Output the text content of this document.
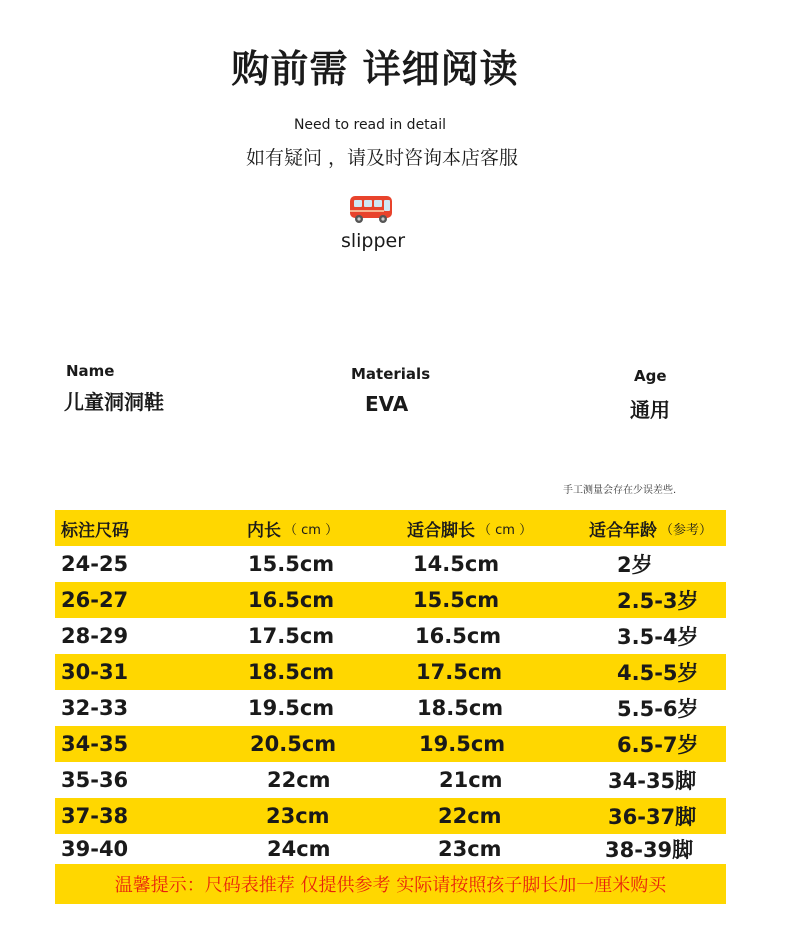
购前需 详细阅读
Need to read in detail
如有疑问 ，请及时咨询本店客服
slipper
Name
儿童洞洞鞋
Materials
EVA
Age
通用
手工测量会存在少误差些.
标注尺码	内长 （ cm ）	适合脚长 （ cm ）	适合年龄 （参考）
24-25	15.5cm	14.5cm	2岁
26-27	16.5cm	15.5cm	2.5-3岁
28-29	17.5cm	16.5cm	3.5-4岁
30-31	18.5cm	17.5cm	4.5-5岁
32-33	19.5cm	18.5cm	5.5-6岁
34-35	20.5cm	19.5cm	6.5-7岁
35-36	22cm	21cm	34-35脚
37-38	23cm	22cm	36-37脚
39-40	24cm	23cm	38-39脚
温馨提示：尺码表推荐 仅提供参考 实际请按照孩子脚长加一厘米购买
